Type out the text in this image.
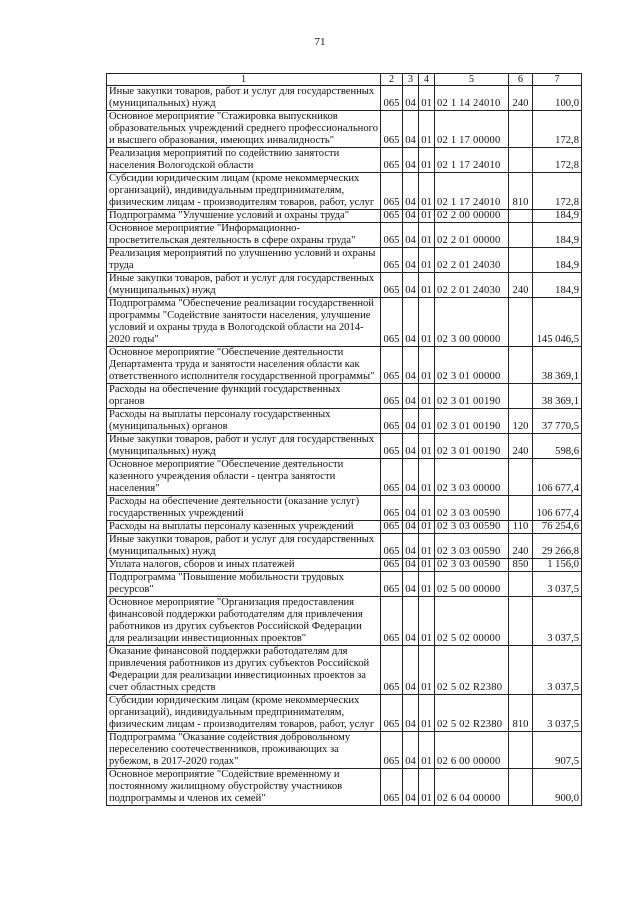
71
1	2	3	4	5	6	7
Иные закупки товаров, работ и услуг для государственных (муниципальных) нужд	065	04	01	02 1 14 24010	240	100,0
Основное мероприятие "Стажировка выпускников образовательных учреждений среднего профессионального и высшего образования, имеющих инвалидность"	065	04	01	02 1 17 00000		172,8
Реализация мероприятий по содействию занятости населения Вологодской области	065	04	01	02 1 17 24010		172,8
Субсидии юридическим лицам (кроме некоммерческих организаций), индивидуальным предпринимателям, физическим лицам - производителям товаров, работ, услуг	065	04	01	02 1 17 24010	810	172,8
Подпрограмма "Улучшение условий и охраны труда"	065	04	01	02 2 00 00000		184,9
Основное мероприятие "Информационно-просветительская деятельность в сфере охраны труда"	065	04	01	02 2 01 00000		184,9
Реализация мероприятий по улучшению условий и охраны труда	065	04	01	02 2 01 24030		184,9
Иные закупки товаров, работ и услуг для государственных (муниципальных) нужд	065	04	01	02 2 01 24030	240	184,9
Подпрограмма "Обеспечение реализации государственной программы "Содействие занятости населения, улучшение условий и охраны труда в Вологодской области на 2014-2020 годы"	065	04	01	02 3 00 00000		145 046,5
Основное мероприятие "Обеспечение деятельности Департамента труда и занятости населения области как ответственного исполнителя государственной программы"	065	04	01	02 3 01 00000		38 369,1
Расходы на обеспечение функций государственных органов	065	04	01	02 3 01 00190		38 369,1
Расходы на выплаты персоналу государственных (муниципальных) органов	065	04	01	02 3 01 00190	120	37 770,5
Иные закупки товаров, работ и услуг для государственных (муниципальных) нужд	065	04	01	02 3 01 00190	240	598,6
Основное мероприятие "Обеспечение деятельности казенного учреждения области - центра занятости населения"	065	04	01	02 3 03 00000		106 677,4
Расходы на обеспечение деятельности (оказание услуг) государственных учреждений	065	04	01	02 3 03 00590		106 677,4
Расходы на выплаты персоналу казенных учреждений	065	04	01	02 3 03 00590	110	76 254,6
Иные закупки товаров, работ и услуг для государственных (муниципальных) нужд	065	04	01	02 3 03 00590	240	29 266,8
Уплата налогов, сборов и иных платежей	065	04	01	02 3 03 00590	850	1 156,0
Подпрограмма "Повышение мобильности трудовых ресурсов"	065	04	01	02 5 00 00000		3 037,5
Основное мероприятие "Организация предоставления финансовой поддержки работодателям для привлечения работников из других субъектов Российской Федерации для реализации инвестиционных проектов"	065	04	01	02 5 02 00000		3 037,5
Оказание финансовой поддержки работодателям для привлечения работников из других субъектов Российской Федерации для реализации инвестиционных проектов за счет областных средств	065	04	01	02 5 02 R2380		3 037,5
Субсидии юридическим лицам (кроме некоммерческих организаций), индивидуальным предпринимателям, физическим лицам - производителям товаров, работ, услуг	065	04	01	02 5 02 R2380	810	3 037,5
Подпрограмма "Оказание содействия добровольному переселению соотечественников, проживающих за рубежом, в 2017-2020 годах"	065	04	01	02 6 00 00000		907,5
Основное мероприятие "Содействие временному и постоянному жилищному обустройству участников подпрограммы и членов их семей"	065	04	01	02 6 04 00000		900,0
